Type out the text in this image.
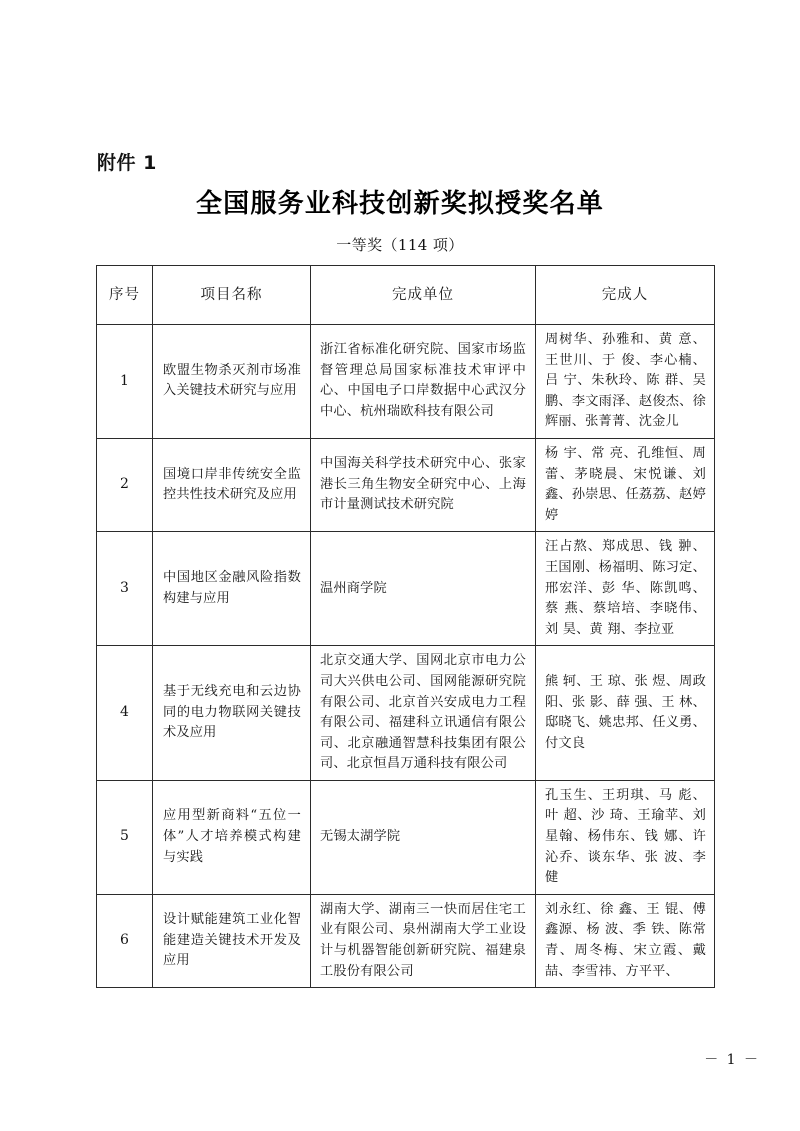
附件 1
全国服务业科技创新奖拟授奖名单
一等奖（114 项）
序号	项目名称	完成单位	完成人
1	欧盟生物杀灭剂市场准入关键技术研究与应用	浙江省标准化研究院、国家市场监督管理总局国家标准技术审评中心、中国电子口岸数据中心武汉分中心、杭州瑞欧科技有限公司	周树华、孙雅和、黄 意、王世川、于 俊、李心楠、吕 宁、朱秋玲、陈 群、吴 鹏、李文雨泽、赵俊杰、徐辉丽、张菁菁、沈金儿
2	国境口岸非传统安全监控共性技术研究及应用	中国海关科学技术研究中心、张家港长三角生物安全研究中心、上海市计量测试技术研究院	杨 宇、常 亮、孔维恒、周 蕾、茅晓晨、宋悦谦、刘 鑫、孙崇思、任荔荔、赵婷婷
3	中国地区金融风险指数构建与应用	温州商学院	汪占熬、郑成思、钱 翀、王国刚、杨福明、陈习定、邢宏洋、彭 华、陈凯鸣、蔡 燕、蔡培培、李晓伟、刘 昊、黄 翔、李拉亚
4	基于无线充电和云边协同的电力物联网关键技术及应用	北京交通大学、国网北京市电力公司大兴供电公司、国网能源研究院有限公司、北京首兴安成电力工程有限公司、福建科立讯通信有限公司、北京融通智慧科技集团有限公司、北京恒昌万通科技有限公司	熊 轲、王 琼、张 煜、周政阳、张 影、薛 强、王 林、邸晓飞、姚忠邦、任义勇、付文良
5	应用型新商料“五位一体”人才培养模式构建与实践	无锡太湖学院	孔玉生、王玥琪、马 彪、叶 超、沙 琦、王瑜苹、刘星翰、杨伟东、钱 娜、许沁乔、谈东华、张 波、李 健
6	设计赋能建筑工业化智能建造关键技术开发及应用	湖南大学、湖南三一快而居住宅工业有限公司、泉州湖南大学工业设计与机器智能创新研究院、福建泉工股份有限公司	刘永红、徐 鑫、王 锟、傅鑫源、杨 波、季 铁、陈常青、周冬梅、宋立霞、戴 喆、李雪祎、方平平、
－ 1 －
